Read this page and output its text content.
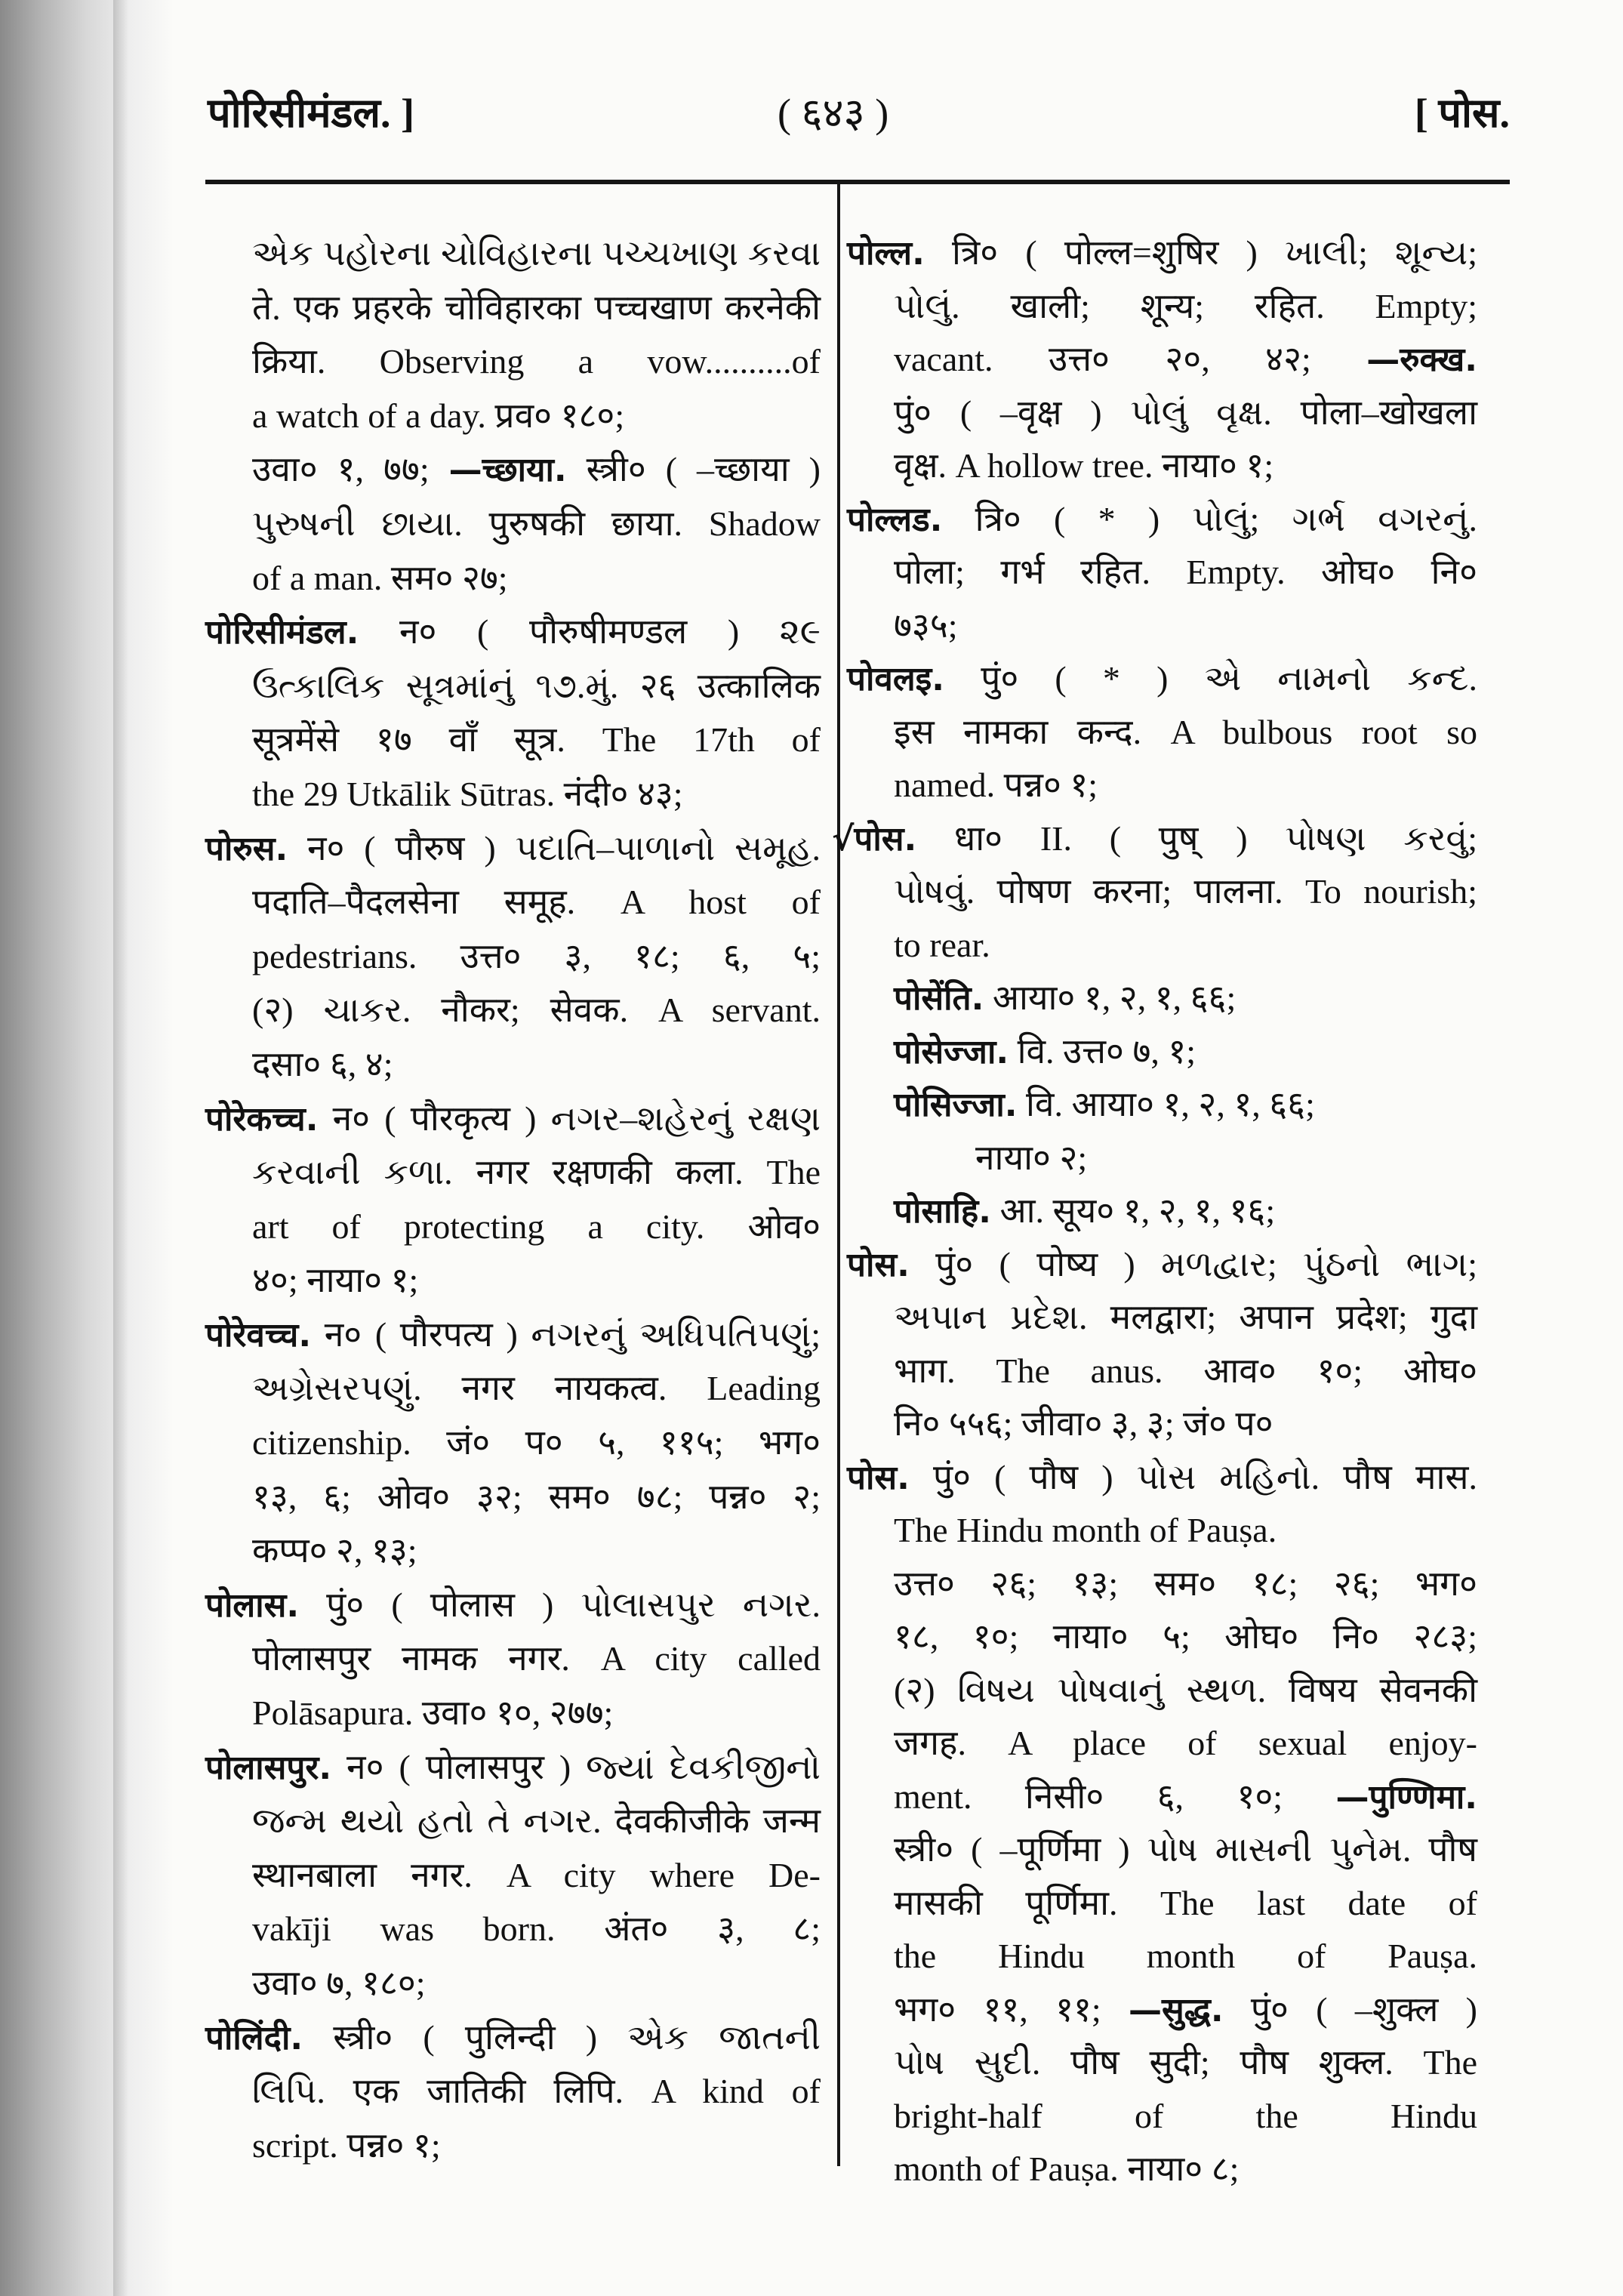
पोरिसीमंडल. ]	( ६४३ )	[ पोस.
એક પહોરના ચોવિહારના પચ્ચખાણ કરવા
ते. एक प्रहरके चोविहारका पच्चखाण करनेकी
क्रिया. Observing a vow..........of
a watch of a day. प्रव० १८०;
उवा० १, ७७; —च्छाया. स्त्री० ( –च्छाया )
પુરુષની છાયા. पुरुषकी छाया. Shadow
of a man. सम० २७;
पोरिसीमंडल. न० ( पौरुषीमण्डल ) ૨૯
ઉત્કાલિક સૂત્રમાંનું ૧૭.મું. २६ उत्कालिक
सूत्रमेंसे १७ वाँ सूत्र. The 17th of
the 29 Utkālik Sūtras. नंदी० ४३;
पोरुस. न० ( पौरुष ) પદાતિ–પાળાનો સમૂહ.
पदाति–पैदलसेना समूह. A host of
pedestrians. उत्त० ३, १८; ६, ५;
(२) ચાકર. नौकर; सेवक. A servant.
दसा० ६, ४;
पोरेकच्च. न० ( पौरकृत्य ) નગર–શહેરનું રક્ષણ
કરવાની કળા. नगर रक्षणकी कला. The
art of protecting a city. ओव०
४०; नाया० १;
पोरेवच्च. न० ( पौरपत्य ) નગરનું અધિપતિપણું;
અગ્રેસરપણું. नगर नायकत्व. Leading
citizenship. जं० प० ५, ११५; भग०
१३, ६; ओव० ३२; सम० ७८; पन्न० २;
कप्प० २, १३;
पोलास. पुं० ( पोलास ) પોલાસપુર નગર.
पोलासपुर नामक नगर. A city called
Polāsapura. उवा० १०, २७७;
पोलासपुर. न० ( पोलासपुर ) જ્યાં દેવકીજીનો
જન્મ થયો હતો તે નગર. देवकीजीके जन्म
स्थानबाला नगर. A city where De-
vakīji was born. अंत० ३, ८;
उवा० ७, १८०;
पोलिंदी. स्त्री० ( पुलिन्दी ) એક જાતની
લિપિ. एक जातिकी लिपि. A kind of
script. पन्न० १;
पोल्ल. त्रि० ( पोल्ल=शुषिर ) ખાલી; શૂન્ય;
પોલું. खाली; शून्य; रहित. Empty;
vacant. उत्त० २०, ४२; —रुक्ख.
पुं० ( –वृक्ष ) પોલું વૃક્ષ. पोला–खोखला
वृक्ष. A hollow tree. नाया० १;
पोल्लड. त्रि० ( * ) પોલું; ગર્ભ વગરનું.
पोला; गर्भ रहित. Empty. ओघ० नि०
७३५;
पोवलइ. पुं० ( * ) એ નામનો કન્દ.
इस नामका कन्द. A bulbous root so
named. पन्न० १;
√पोस. धा० II. ( पुष् ) પોષણ કરવું;
પોષવું. पोषण करना; पालना. To nourish;
to rear.
पोसेंति. आया० १, २, १, ६६;
पोसेज्जा. वि. उत्त० ७, १;
पोसिज्जा. वि. आया० १, २, १, ६६;
नाया० २;
पोसाहि. आ. सूय० १, २, १, १६;
पोस. पुं० ( पोष्य ) મળદ્વાર; પુંઠનો ભાગ;
અપાન પ્રદેશ. मलद्वारा; अपान प्रदेश; गुदा
भाग. The anus. आव० १०; ओघ०
नि० ५५६; जीवा० ३, ३; जं० प०
पोस. पुं० ( पौष ) પોસ મહિનો. पौष मास.
The Hindu month of Pauṣa.
उत्त० २६; १३; सम० १८; २६; भग०
१८, १०; नाया० ५; ओघ० नि० २८३;
(२) વિષય પોષવાનું સ્થળ. विषय सेवनकी
जगह. A place of sexual enjoy-
ment. निसी० ६, १०; —पुण्णिमा.
स्त्री० ( –पूर्णिमा ) પોષ માસની પુનેમ. पौष
मासकी पूर्णिमा. The last date of
the Hindu month of Pauṣa.
भग० ११, ११; —सुद्ध. पुं० ( –शुक्ल )
પોષ સુદી. पौष सुदी; पौष शुक्ल. The
bright-half of the Hindu
month of Pauṣa. नाया० ८;
